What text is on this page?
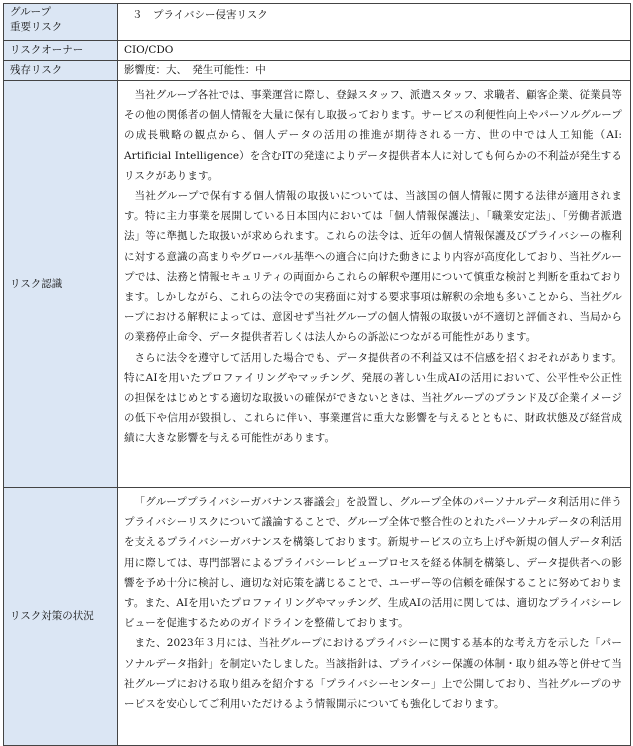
グループ
重要リスク	３　プライバシー侵害リスク
リスクオーナー	CIO/CDO
残存リスク	影響度：大、　発生可能性：中
リスク認識	当社グループ各社では、事業運営に際し、登録スタッフ、派遣スタッフ、求職者、顧客企業、従業員等その他の関係者の個人情報を大量に保有し取扱っております。サービスの利便性向上やパーソルグループの成長戦略の観点から、個人データの活用の推進が期待される一方、世の中では人工知能（AI: Artificial Intelligence）を含むITの発達によりデータ提供者本人に対しても何らかの不利益が発生するリスクがあります。

当社グループで保有する個人情報の取扱いについては、当該国の個人情報に関する法律が適用されます。特に主力事業を展開している日本国内においては「個人情報保護法」、「職業安定法」、「労働者派遣法」等に準拠した取扱いが求められます。これらの法令は、近年の個人情報保護及びプライバシーの権利に対する意識の高まりやグローバル基準への適合に向けた動きにより内容が高度化しており、当社グループでは、法務と情報セキュリティの両面からこれらの解釈や運用について慎重な検討と判断を重ねております。しかしながら、これらの法令での実務面に対する要求事項は解釈の余地も多いことから、当社グループにおける解釈によっては、意図せず当社グループの個人情報の取扱いが不適切と評価され、当局からの業務停止命令、データ提供者若しくは法人からの訴訟につながる可能性があります。

さらに法令を遵守して活用した場合でも、データ提供者の不利益又は不信感を招くおそれがあります。特にAIを用いたプロファイリングやマッチング、発展の著しい生成AIの活用において、公平性や公正性の担保をはじめとする適切な取扱いの確保ができないときは、当社グループのブランド及び企業イメージの低下や信用が毀損し、これらに伴い、事業運営に重大な影響を与えるとともに、財政状態及び経営成績に大きな影響を与える可能性があります。

リスク対策の状況	「グループプライバシーガバナンス審議会」を設置し、グループ全体のパーソナルデータ利活用に伴うプライバシーリスクについて議論することで、グループ全体で整合性のとれたパーソナルデータの利活用を支えるプライバシーガバナンスを構築しております。新規サービスの立ち上げや新規の個人データ利活用に際しては、専門部署によるプライバシーレビュープロセスを経る体制を構築し、データ提供者への影響を予め十分に検討し、適切な対応策を講じることで、ユーザー等の信頼を確保することに努めております。また、AIを用いたプロファイリングやマッチング、生成AIの活用に関しては、適切なプライバシーレビューを促進するためのガイドラインを整備しております。

また、2023年３月には、当社グループにおけるプライバシーに関する基本的な考え方を示した「パーソナルデータ指針」を制定いたしました。当該指針は、プライバシー保護の体制・取り組み等と併せて当社グループにおける取り組みを紹介する「プライバシーセンター」上で公開しており、当社グループのサービスを安心してご利用いただけるよう情報開示についても強化しております。
